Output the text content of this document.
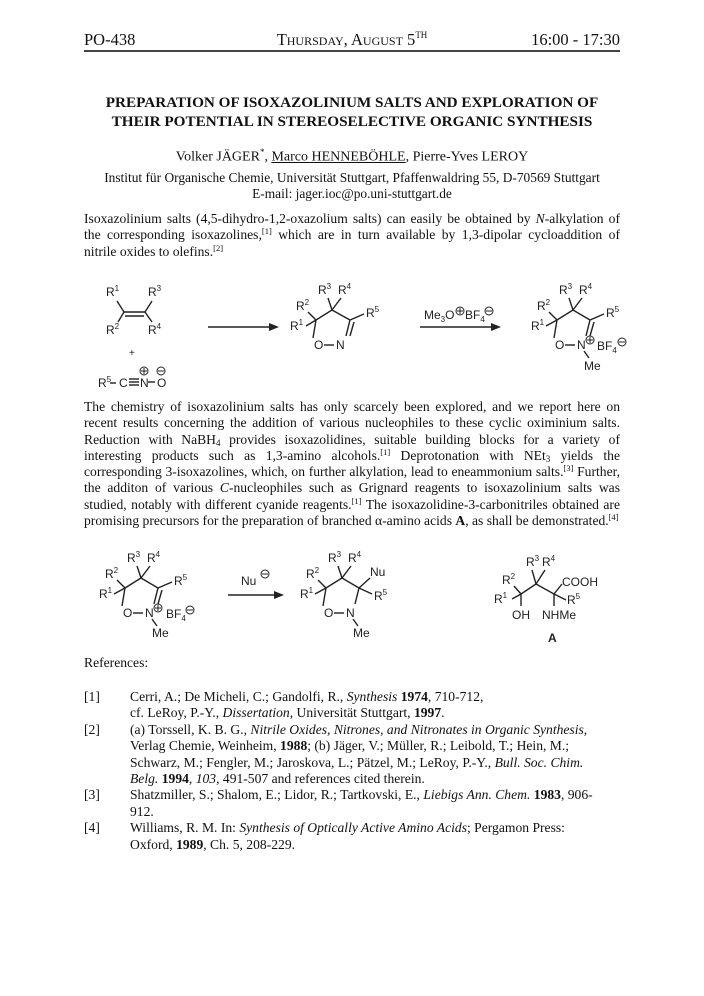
PO-438	Thursday, August 5TH	16:00 - 17:30
PREPARATION OF ISOXAZOLINIUM SALTS AND EXPLORATION OF
THEIR POTENTIAL IN STEREOSELECTIVE ORGANIC SYNTHESIS
Volker JÄGER*, Marco HENNEBÖHLE, Pierre-Yves LEROY
Institut für Organische Chemie, Universität Stuttgart, Pfaffenwaldring 55, D-70569 Stuttgart
E-mail: jager.ioc@po.uni-stuttgart.de
Isoxazolinium salts (4,5-dihydro-1,2-oxazolium salts) can easily be obtained by N-alkylation of the corresponding isoxazolines,[1] which are in turn available by 1,3-dipolar cycloaddition of nitrile oxides to olefins.[2]
$R^1$ $R^3$
$R^2$ $R^4$
+
$R^5$ C N O
$R^3$ $R^4$
$R^2$
$R^1$
$R^5$
O N
$Me_3O$ $BF_4$
$R^3$ $R^4$
$R^2$
$R^1$
$R^5$
O N $BF_4$
Me
The chemistry of isoxazolinium salts has only scarcely been explored, and we report here on recent results concerning the addition of various nucleophiles to these cyclic oximinium salts. Reduction with NaBH$_4$ provides isoxazolidines, suitable building blocks for a variety of interesting products such as 1,3-amino alcohols.[1] Deprotonation with NEt$_3$ yields the corresponding 3-isoxazolines, which, on further alkylation, lead to eneammonium salts.[3] Further, the additon of various C-nucleophiles such as Grignard reagents to isoxazolinium salts was studied, notably with different cyanide reagents.[1] The isoxazolidine-3-carbonitriles obtained are promising precursors for the preparation of branched α-amino acids A, as shall be demonstrated.[4]
$R^3$ $R^4$
$R^2$
$R^1$
$R^5$
O N $BF_4$
Me
Nu
$R^3$ $R^4$
$R^2$
$R^1$
Nu
$R^5$
O N
Me
$R^3$ $R^4$
$R^2$
$R^1$
COOH
$R^5$
OH NHMe
A
References:
[1]	Cerri, A.; De Micheli, C.; Gandolfi, R., Synthesis 1974, 710-712,
cf. LeRoy, P.-Y., Dissertation, Universität Stuttgart, 1997.
[2]	(a) Torssell, K. B. G., Nitrile Oxides, Nitrones, and Nitronates in Organic Synthesis,
Verlag Chemie, Weinheim, 1988; (b) Jäger, V.; Müller, R.; Leibold, T.; Hein, M.;
Schwarz, M.; Fengler, M.; Jaroskova, L.; Pätzel, M.; LeRoy, P.-Y., Bull. Soc. Chim.
Belg. 1994, 103, 491-507 and references cited therein.
[3]	Shatzmiller, S.; Shalom, E.; Lidor, R.; Tartkovski, E., Liebigs Ann. Chem. 1983, 906-
912.
[4]	Williams, R. M. In: Synthesis of Optically Active Amino Acids; Pergamon Press:
Oxford, 1989, Ch. 5, 208-229.
